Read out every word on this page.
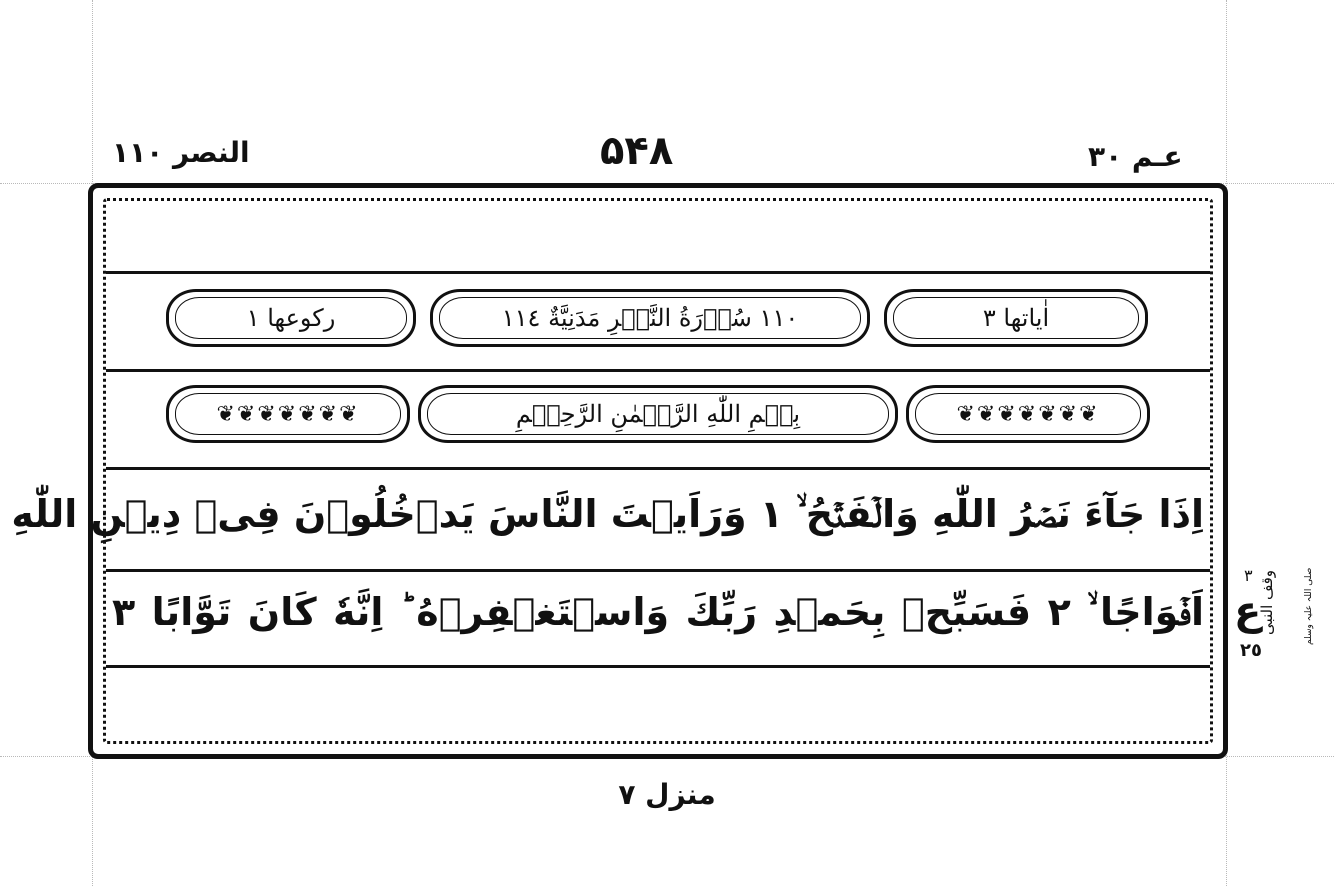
النصر ١١٠	۵۴۸	عـم ٣٠
رکوعھا ١	١١٠ سُوۡرَةُ النَّصۡرِ مَدَنِيَّةٌ ١١٤	اٰياتها ٣
❦❦❦❦❦❦❦	بِسۡمِ اللّٰهِ الرَّحۡمٰنِ الرَّحِيۡمِ	❦❦❦❦❦❦❦
اِذَا جَآءَ نَصۡرُ اللّٰهِ وَالۡفَتۡحُ ۙ ١ وَرَاَيۡتَ النَّاسَ يَدۡخُلُوۡنَ فِىۡ دِيۡنِ اللّٰهِ
اَفۡوَاجًا ۙ ٢ فَسَبِّحۡ بِحَمۡدِ رَبِّكَ وَاسۡتَغۡفِرۡهُ ؕ اِنَّهٗ كَانَ تَوَّابًا ٣ ع
٣
٢٥
وقف النبی	صلی اللہ علیہ وسلم
منزل ٧
